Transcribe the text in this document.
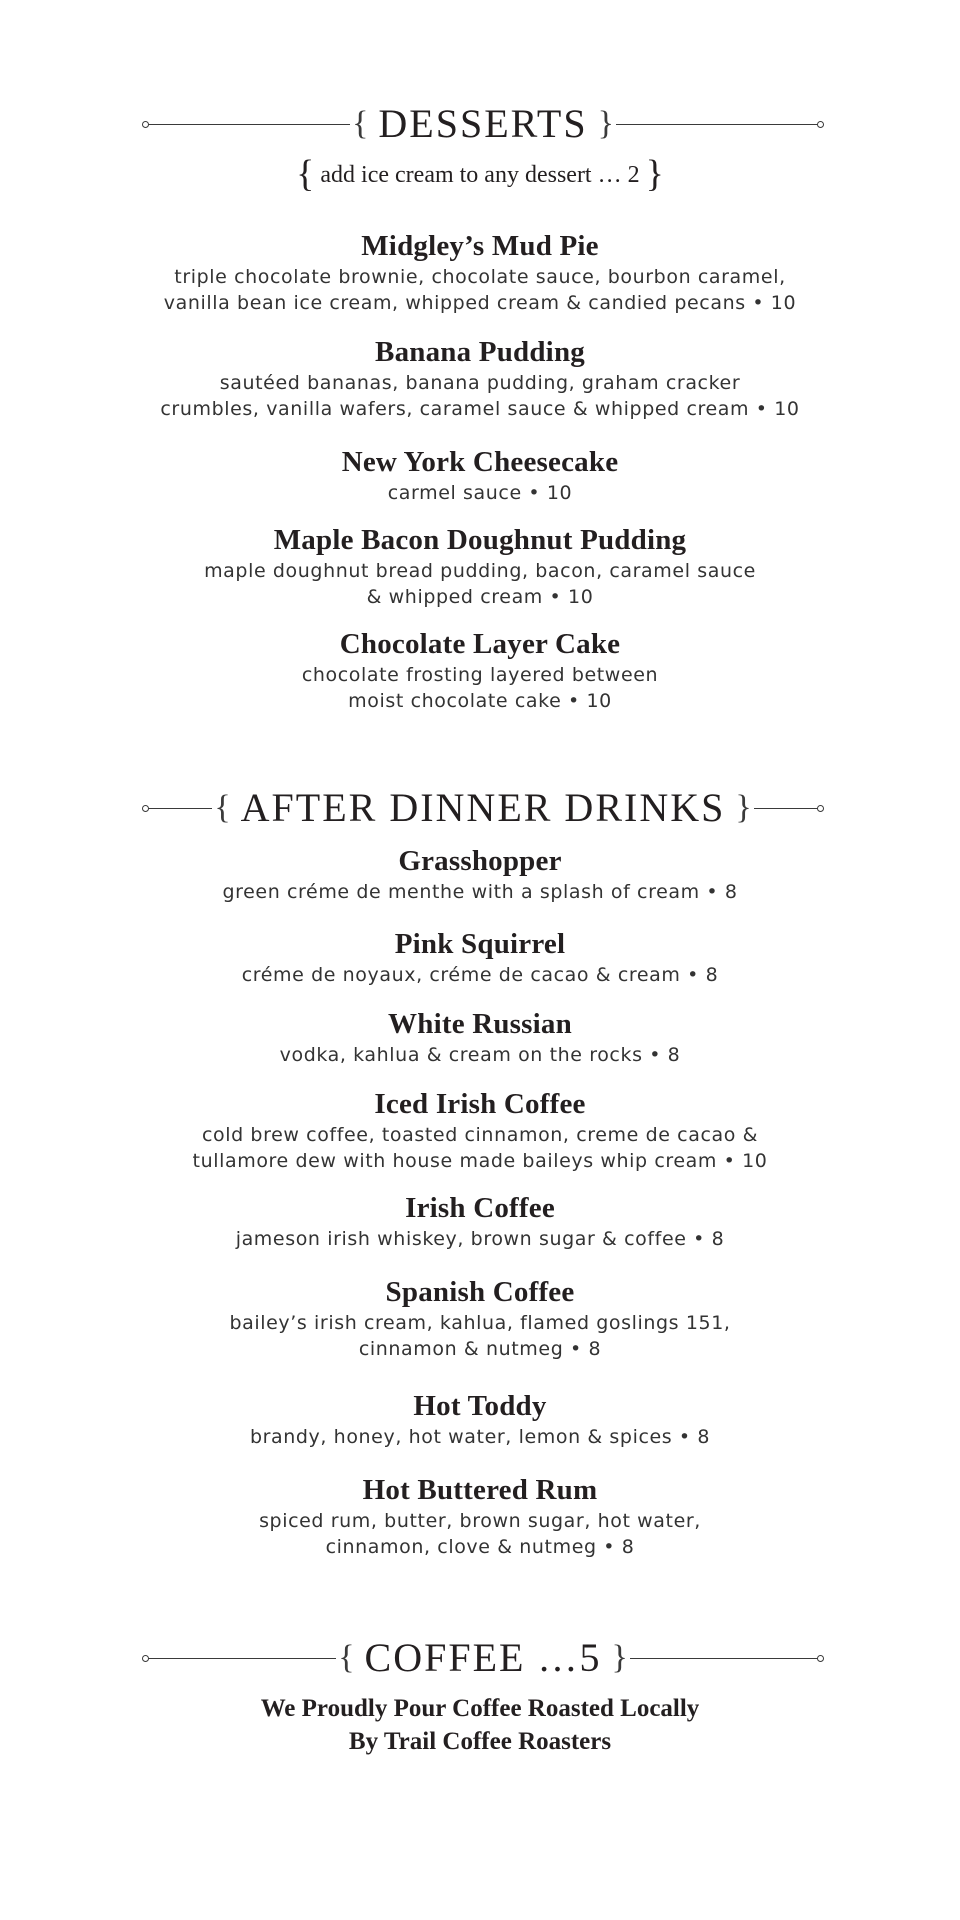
{ DESSERTS }
{ add ice cream to any dessert … 2 }
Midgley’s Mud Pie
triple chocolate brownie, chocolate sauce, bourbon caramel,
vanilla bean ice cream, whipped cream & candied pecans • 10
Banana Pudding
sautéed bananas, banana pudding, graham cracker
crumbles, vanilla wafers, caramel sauce & whipped cream • 10
New York Cheesecake
carmel sauce • 10
Maple Bacon Doughnut Pudding
maple doughnut bread pudding, bacon, caramel sauce
& whipped cream • 10
Chocolate Layer Cake
chocolate frosting layered between
moist chocolate cake • 10
{ AFTER DINNER DRINKS }
Grasshopper
green créme de menthe with a splash of cream • 8
Pink Squirrel
créme de noyaux, créme de cacao & cream • 8
White Russian
vodka, kahlua & cream on the rocks • 8
Iced Irish Coffee
cold brew coffee, toasted cinnamon, creme de cacao &
tullamore dew with house made baileys whip cream • 10
Irish Coffee
jameson irish whiskey, brown sugar & coffee • 8
Spanish Coffee
bailey’s irish cream, kahlua, flamed goslings 151,
cinnamon & nutmeg • 8
Hot Toddy
brandy, honey, hot water, lemon & spices • 8
Hot Buttered Rum
spiced rum, butter, brown sugar, hot water,
cinnamon, clove & nutmeg • 8
{ COFFEE …5 }
We Proudly Pour Coffee Roasted Locally
By Trail Coffee Roasters
